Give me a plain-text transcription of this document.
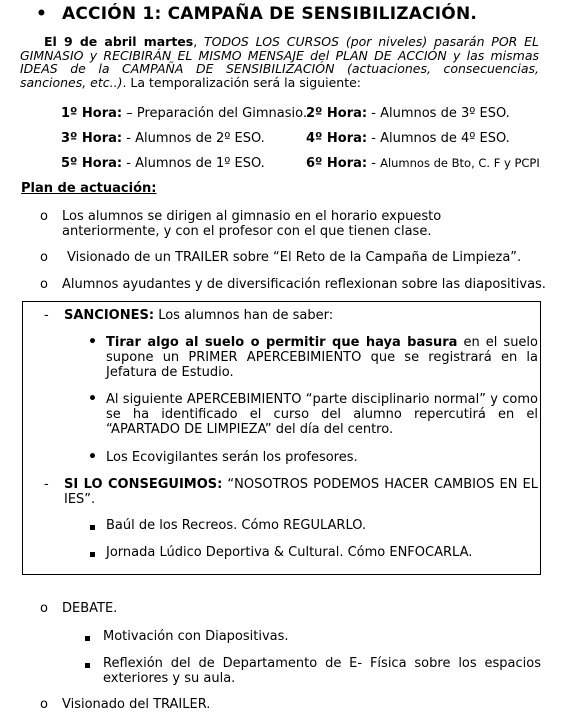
• ACCIÓN 1: CAMPAÑA DE SENSIBILIZACIÓN.
El 9 de abril martes, TODOS LOS CURSOS (por niveles) pasarán POR EL GIMNASIO y RECIBIRÁN EL MISMO MENSAJE del PLAN DE ACCIÓN y las mismas IDEAS de la CAMPAÑA DE SENSIBILIZACIÓN (actuaciones, consecuencias, sanciones, etc..). La temporalización será la siguiente:
1º Hora: – Preparación del Gimnasio. 2º Hora: - Alumnos de 3º ESO.
3º Hora: - Alumnos de 2º ESO.	4º Hora: - Alumnos de 4º ESO.
5º Hora: - Alumnos de 1º ESO.	6º Hora: - Alumnos de Bto, C. F y PCPI
Plan de actuación:
o Los alumnos se dirigen al gimnasio en el horario expuesto anteriormente, y con el profesor con el que tienen clase.
o Visionado de un TRAILER sobre “El Reto de la Campaña de Limpieza”.
o Alumnos ayudantes y de diversificación reflexionan sobre las diapositivas.
- SANCIONES: Los alumnos han de saber:
• Tirar algo al suelo o permitir que haya basura en el suelo supone un PRIMER APERCEBIMIENTO que se registrará en la Jefatura de Estudio.
• Al siguiente APERCEBIMIENTO “parte disciplinario normal” y como se ha identificado el curso del alumno repercutirá en el “APARTADO DE LIMPIEZA” del día del centro.
• Los Ecovigilantes serán los profesores.
- SI LO CONSEGUIMOS: “NOSOTROS PODEMOS HACER CAMBIOS EN EL IES”.
Baúl de los Recreos. Cómo REGULARLO.
Jornada Lúdico Deportiva & Cultural. Cómo ENFOCARLA.
o DEBATE.
Motivación con Diapositivas.
Reflexión del de Departamento de E- Física sobre los espacios exteriores y su aula.
o Visionado del TRAILER.
